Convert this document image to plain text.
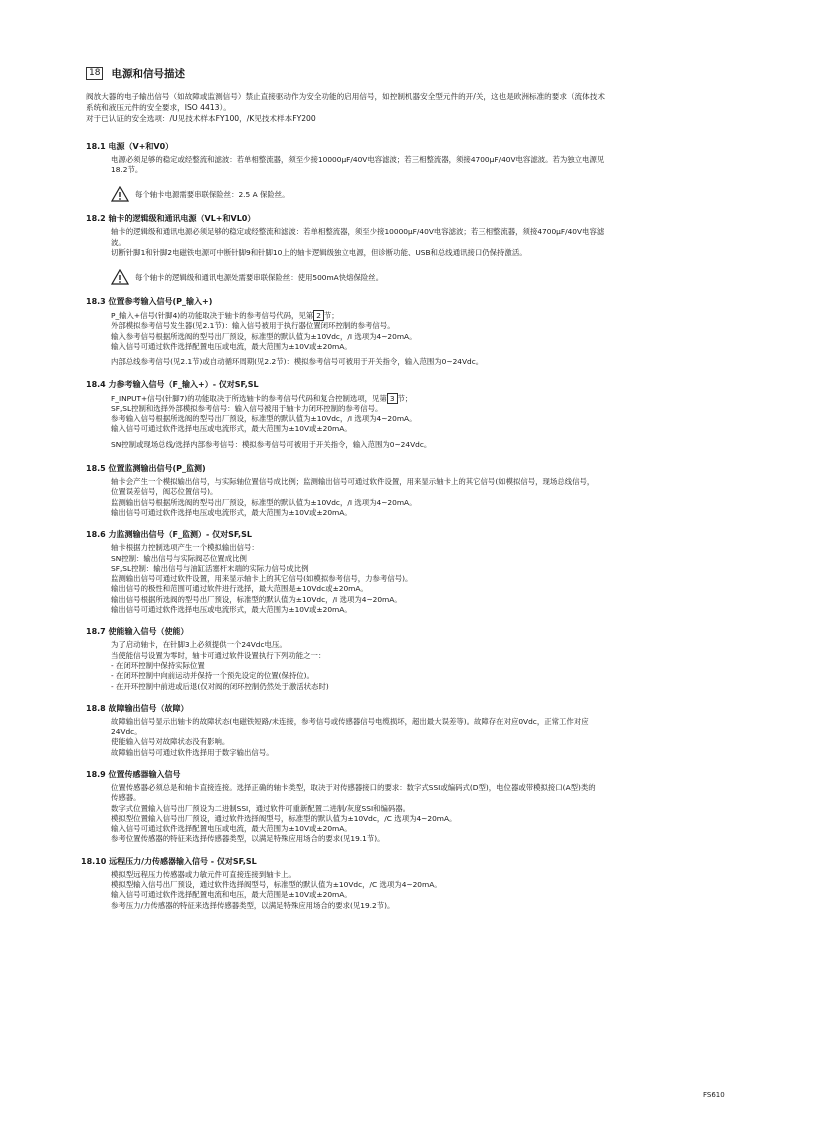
18 电源和信号描述

阀放大器的电子输出信号（如故障或监测信号）禁止直接驱动作为安全功能的启用信号，如控制机器安全型元件的开/关，这也是欧洲标准的要求（流体技术

系统和液压元件的安全要求，ISO 4413）。

对于已认证的安全选项：/U见技术样本FY100，/K见技术样本FY200

18.1 电源（V+和V0）

电源必须足够的稳定或经整流和滤波：若单相整流器，须至少接10000μF/40V电容滤波；若三相整流器，须接4700μF/40V电容滤波。若为独立电源见

18.2节。

每个轴卡电源需要串联保险丝：2.5 A 保险丝。
18.2 轴卡的逻辑级和通讯电源（VL+和VL0）

轴卡的逻辑级和通讯电源必须足够的稳定或经整流和滤波：若单相整流器，须至少接10000μF/40V电容滤波；若三相整流器，须接4700μF/40V电容滤

波。

切断针脚1和针脚2电磁铁电源可中断针脚9和针脚10上的轴卡逻辑级独立电源，但诊断功能、USB和总线通讯接口仍保持激活。

每个轴卡的逻辑级和通讯电源处需要串联保险丝：使用500mA快熔保险丝。
18.3 位置参考输入信号(P_输入+)

P_输入+信号(针脚4)的功能取决于轴卡的参考信号代码，见第 2 节；

外部模拟参考信号发生器(见2.1节)：输入信号被用于执行器位置闭环控制的参考信号。

输入参考信号根据所选阀的型号出厂预设，标准型的默认值为±10Vdc，/I 选项为4~20mA。

输入信号可通过软件选择配置电压或电流，最大范围为±10V或±20mA。

内部总线参考信号(见2.1节)或自动循环周期(见2.2节)：模拟参考信号可被用于开关指令，输入范围为0~24Vdc。

18.4 力参考输入信号（F_输入+）- 仅对SF,SL

F_INPUT+信号(针脚7)的功能取决于所选轴卡的参考信号代码和复合控制选项，见第 3 节；

SF,SL控制和选择外部模拟参考信号：输入信号被用于轴卡力闭环控制的参考信号。

参考输入信号根据所选阀的型号出厂预设，标准型的默认值为±10Vdc，/I 选项为4~20mA。

输入信号可通过软件选择电压或电流形式，最大范围为±10V或±20mA。

SN控制或现场总线/选择内部参考信号：模拟参考信号可被用于开关指令，输入范围为0~24Vdc。

18.5 位置监测输出信号(P_监测)

轴卡会产生一个模拟输出信号，与实际轴位置信号成比例；监测输出信号可通过软件设置，用来显示轴卡上的其它信号(如模拟信号，现场总线信号，

位置误差信号，阀芯位置信号)。

监测输出信号根据所选阀的型号出厂预设，标准型的默认值为±10Vdc，/I 选项为4~20mA。

输出信号可通过软件选择电压或电流形式，最大范围为±10V或±20mA。

18.6 力监测输出信号（F_监测）- 仅对SF,SL

轴卡根据力控制选项产生一个模拟输出信号：

SN控制：输出信号与实际阀芯位置成比例

SF,SL控制：输出信号与油缸活塞杆末端的实际力信号成比例

监测输出信号可通过软件设置，用来显示轴卡上的其它信号(如模拟参考信号，力参考信号)。

输出信号的极性和范围可通过软件进行选择，最大范围是±10Vdc或±20mA。

输出信号根据所选阀的型号出厂预设，标准型的默认值为±10Vdc，/I 选项为4~20mA。

输出信号可通过软件选择电压或电流形式，最大范围为±10V或±20mA。

18.7 使能输入信号（使能）

为了启动轴卡，在针脚3上必须提供一个24Vdc电压。

当使能信号设置为零时，轴卡可通过软件设置执行下列功能之一：

- 在闭环控制中保持实际位置

- 在闭环控制中向前运动并保持一个预先设定的位置(保持位)。

- 在开环控制中前进或后退(仅对阀的闭环控制仍然处于激活状态时)

18.8 故障输出信号（故障）

故障输出信号显示出轴卡的故障状态(电磁铁短路/未连接，参考信号或传感器信号电缆损坏，超出最大误差等)。故障存在对应0Vdc，正常工作对应

24Vdc。

使能输入信号对故障状态没有影响。

故障输出信号可通过软件选择用于数字输出信号。

18.9 位置传感器输入信号

位置传感器必须总是和轴卡直接连接。选择正确的轴卡类型，取决于对传感器接口的要求：数字式SSI或编码式(D型)，电位器或带模拟接口(A型)类的

传感器。

数字式位置输入信号出厂预设为二进制SSI，通过软件可重新配置二进制/灰度SSI和编码器。

模拟型位置输入信号出厂预设，通过软件选择阀型号，标准型的默认值为±10Vdc，/C 选项为4~20mA。

输入信号可通过软件选择配置电压或电流，最大范围为±10V或±20mA。

参考位置传感器的特征来选择传感器类型，以满足特殊应用场合的要求(见19.1节)。

18.10 远程压力/力传感器输入信号 - 仅对SF,SL

模拟型远程压力传感器或力敏元件可直接连接到轴卡上。

模拟型输入信号出厂预设，通过软件选择阀型号，标准型的默认值为±10Vdc，/C 选项为4~20mA。

输入信号可通过软件选择配置电流和电压，最大范围是±10V或±20mA。

参考压力/力传感器的特征来选择传感器类型，以满足特殊应用场合的要求(见19.2节)。

FS610
